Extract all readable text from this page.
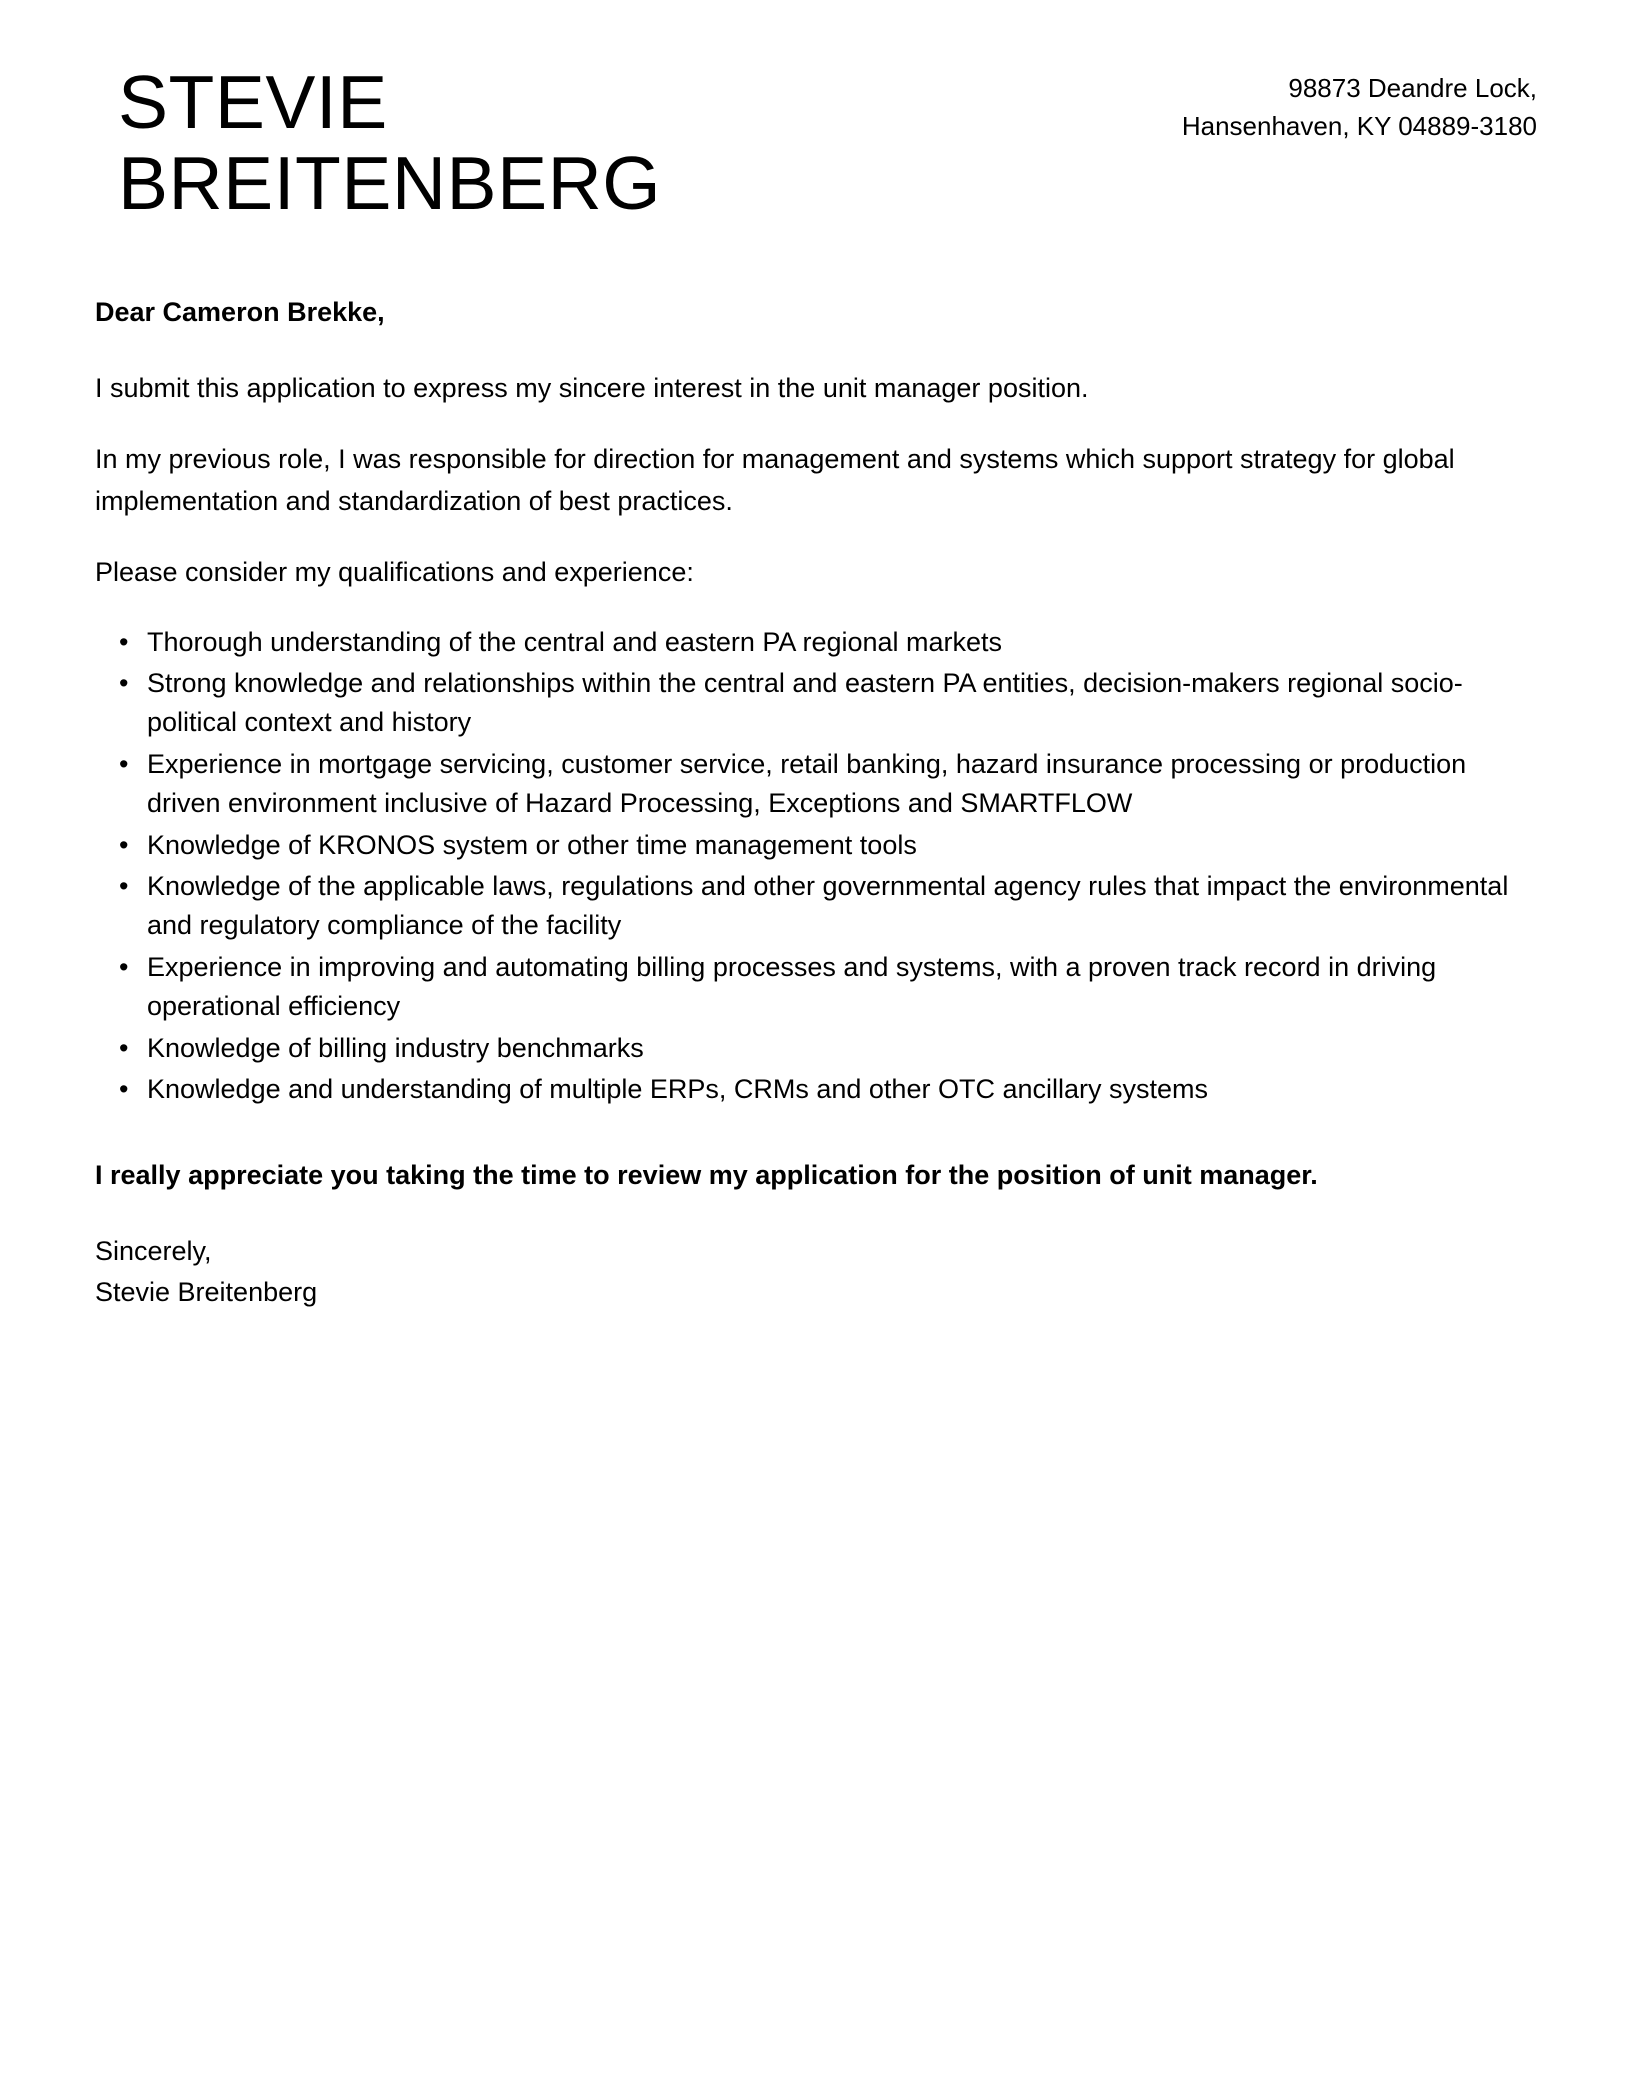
STEVIE
BREITENBERG
98873 Deandre Lock,
Hansenhaven, KY 04889-3180

Dear Cameron Brekke,

I submit this application to express my sincere interest in the unit manager position.

In my previous role, I was responsible for direction for management and systems which support strategy for global implementation and standardization of best practices.

Please consider my qualifications and experience:

• Thorough understanding of the central and eastern PA regional markets
• Strong knowledge and relationships within the central and eastern PA entities, decision-makers regional socio-political context and history
• Experience in mortgage servicing, customer service, retail banking, hazard insurance processing or production driven environment inclusive of Hazard Processing, Exceptions and SMARTFLOW
• Knowledge of KRONOS system or other time management tools
• Knowledge of the applicable laws, regulations and other governmental agency rules that impact the environmental and regulatory compliance of the facility
• Experience in improving and automating billing processes and systems, with a proven track record in driving operational efficiency
• Knowledge of billing industry benchmarks
• Knowledge and understanding of multiple ERPs, CRMs and other OTC ancillary systems

I really appreciate you taking the time to review my application for the position of unit manager.

Sincerely,
Stevie Breitenberg
